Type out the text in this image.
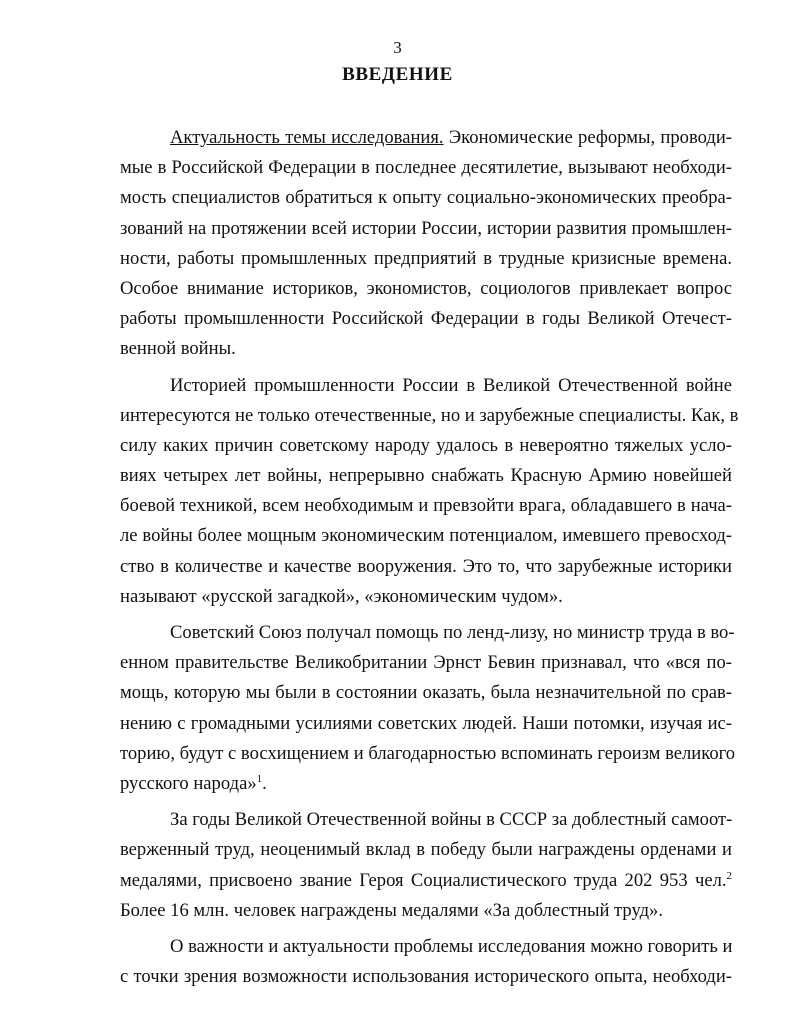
3
ВВЕДЕНИЕ
Актуальность темы исследования. Экономические реформы, проводи-
мые в Российской Федерации в последнее десятилетие, вызывают необходи-
мость специалистов обратиться к опыту социально-экономических преобра-
зований на протяжении всей истории России, истории развития промышлен-
ности, работы промышленных предприятий в трудные кризисные времена.
Особое внимание историков, экономистов, социологов привлекает вопрос
работы промышленности Российской Федерации в годы Великой Отечест-
венной войны.
Историей промышленности России в Великой Отечественной войне
интересуются не только отечественные, но и зарубежные специалисты. Как, в
силу каких причин советскому народу удалось в невероятно тяжелых усло-
виях четырех лет войны, непрерывно снабжать Красную Армию новейшей
боевой техникой, всем необходимым и превзойти врага, обладавшего в нача-
ле войны более мощным экономическим потенциалом, имевшего превосход-
ство в количестве и качестве вооружения. Это то, что зарубежные историки
называют «русской загадкой», «экономическим чудом».
Советский Союз получал помощь по ленд-лизу, но министр труда в во-
енном правительстве Великобритании Эрнст Бевин признавал, что «вся по-
мощь, которую мы были в состоянии оказать, была незначительной по срав-
нению с громадными усилиями советских людей. Наши потомки, изучая ис-
торию, будут с восхищением и благодарностью вспоминать героизм великого
русского народа»$^1$.
За годы Великой Отечественной войны в СССР за доблестный самоот-
верженный труд, неоценимый вклад в победу были награждены орденами и
медалями, присвоено звание Героя Социалистического труда 202 953 чел.$^2$
Более 16 млн. человек награждены медалями «За доблестный труд».
О важности и актуальности проблемы исследования можно говорить и
с точки зрения возможности использования исторического опыта, необходи-
